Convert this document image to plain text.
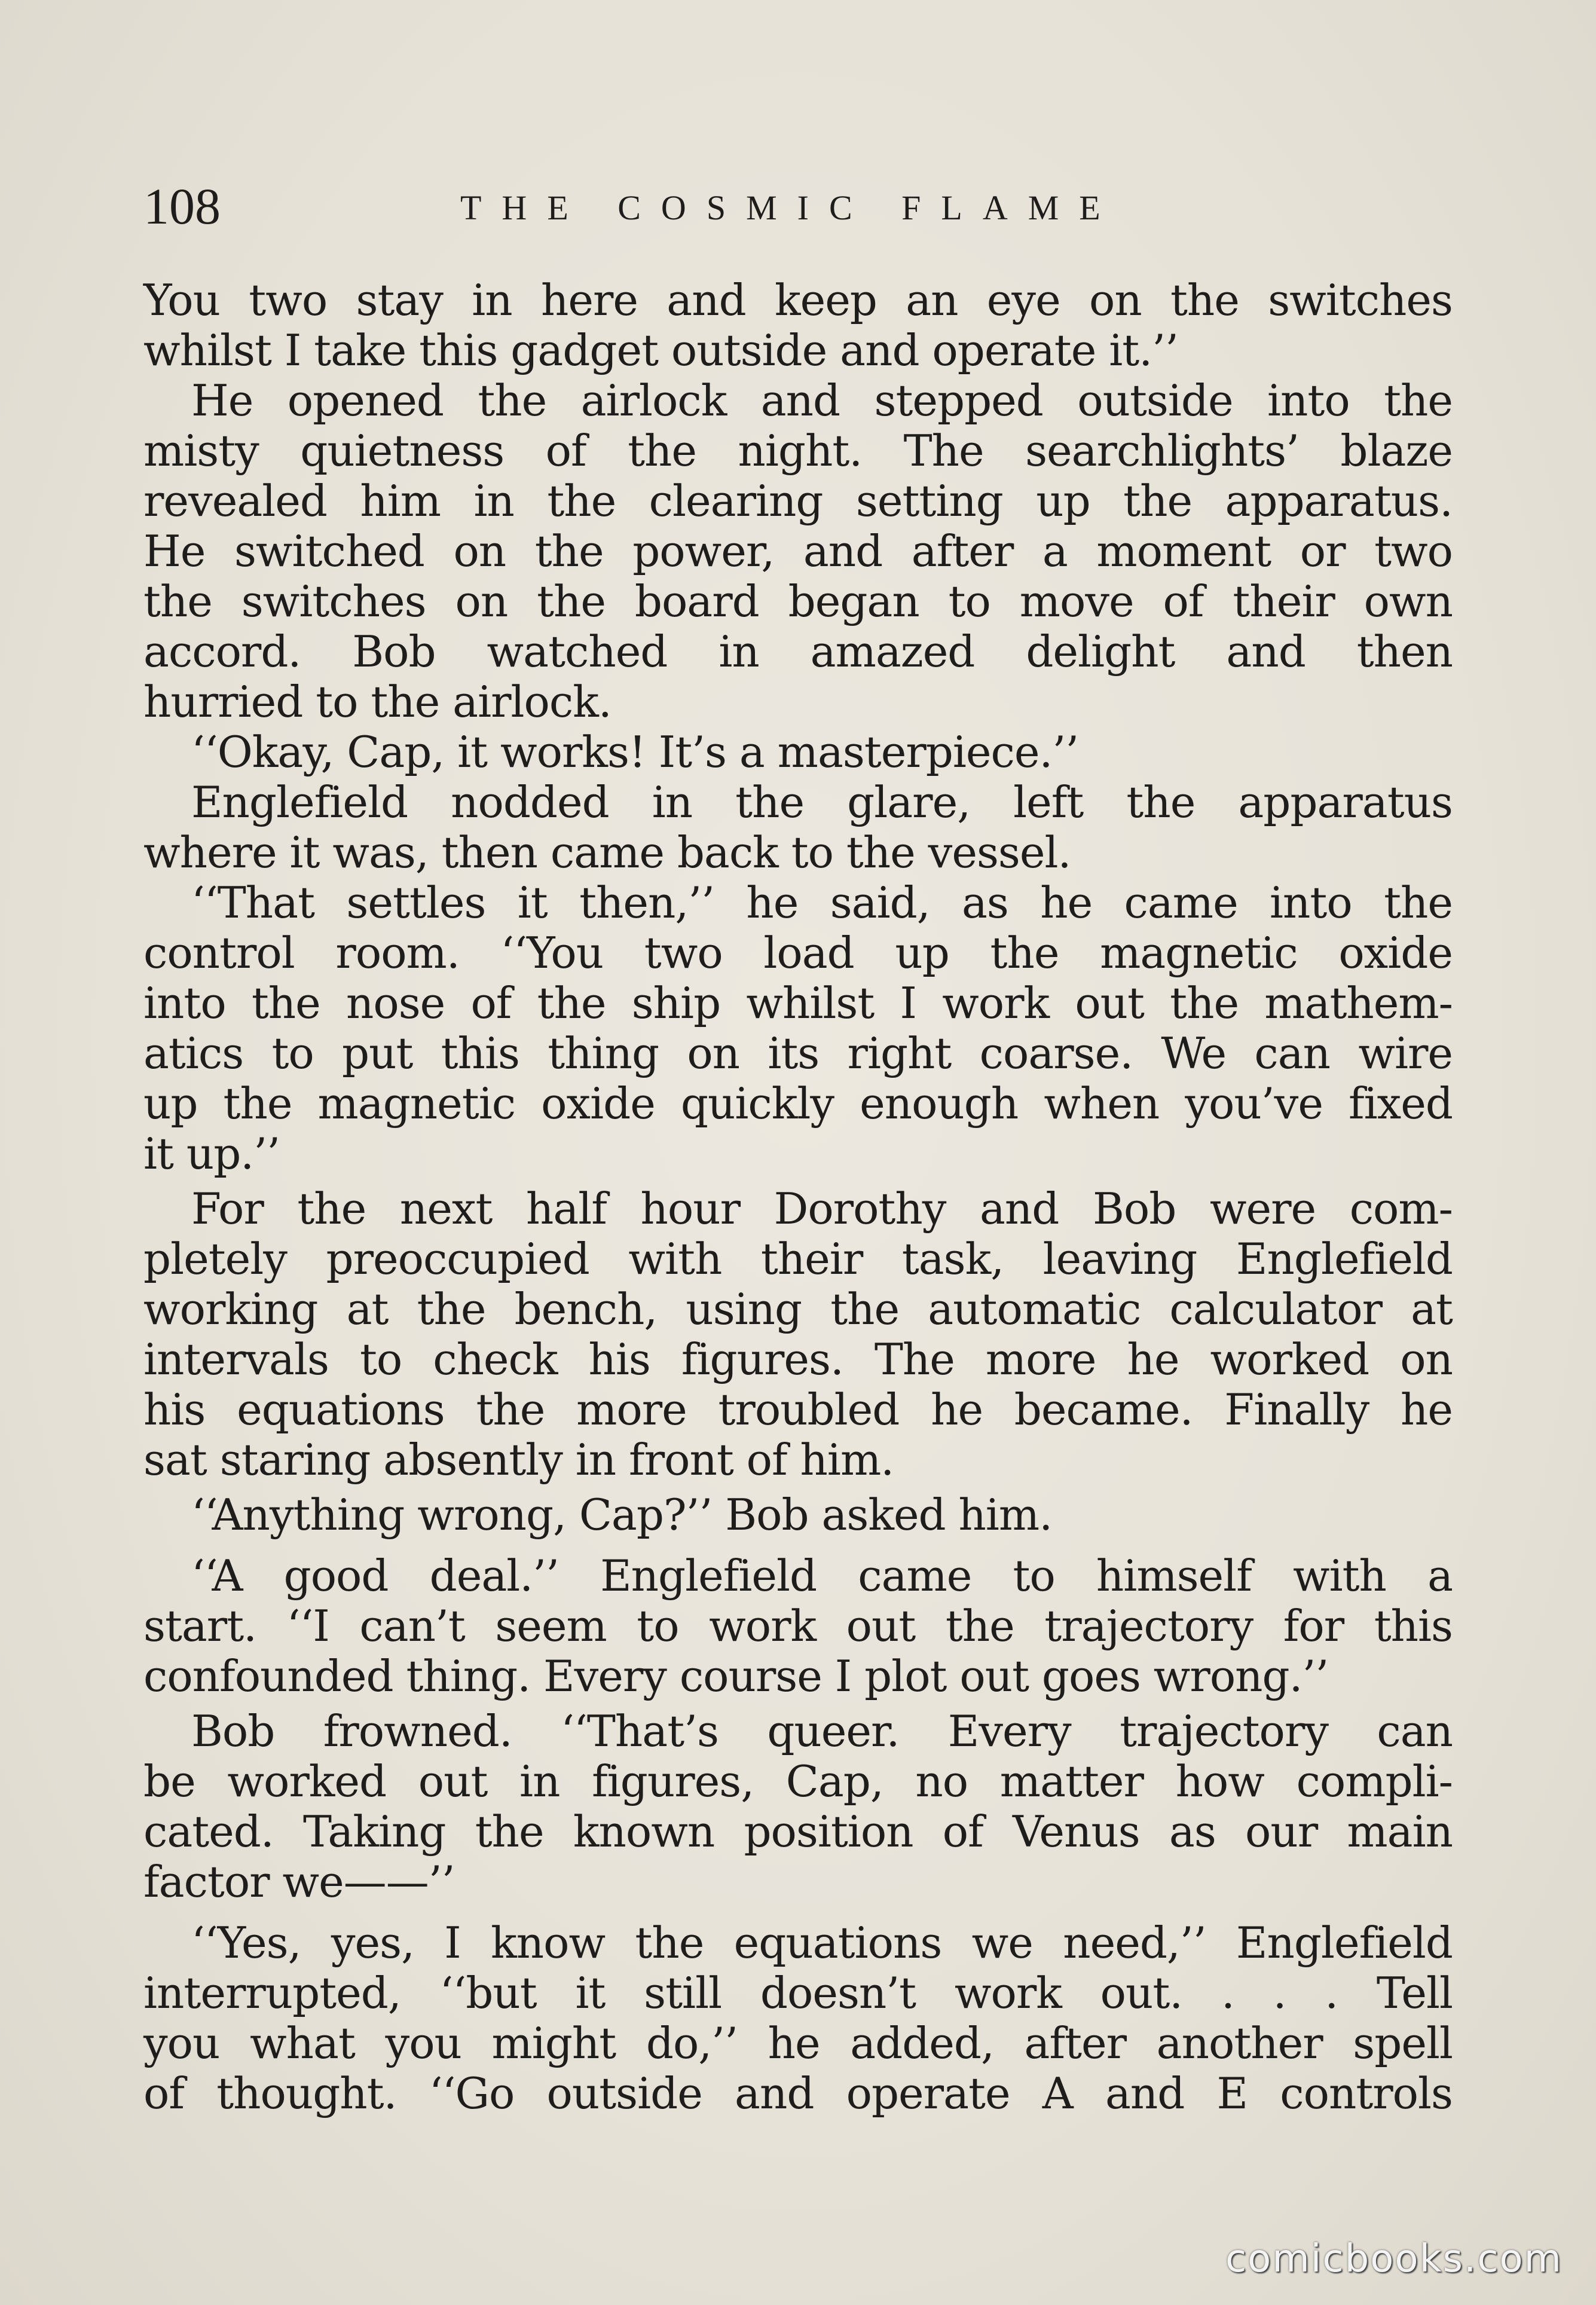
108	THE COSMIC FLAME
You two stay in here and keep an eye on the switches
whilst I take this gadget outside and operate it.’’
He opened the airlock and stepped outside into the
misty quietness of the night. The searchlights’ blaze
revealed him in the clearing setting up the apparatus.
He switched on the power, and after a moment or two
the switches on the board began to move of their own
accord. Bob watched in amazed delight and then
hurried to the airlock.
‘‘Okay, Cap, it works! It’s a masterpiece.’’
Englefield nodded in the glare, left the apparatus
where it was, then came back to the vessel.
‘‘That settles it then,’’ he said, as he came into the
control room. ‘‘You two load up the magnetic oxide
into the nose of the ship whilst I work out the mathem-
atics to put this thing on its right coarse. We can wire
up the magnetic oxide quickly enough when you’ve fixed
it up.’’
For the next half hour Dorothy and Bob were com-
pletely preoccupied with their task, leaving Englefield
working at the bench, using the automatic calculator at
intervals to check his figures. The more he worked on
his equations the more troubled he became. Finally he
sat staring absently in front of him.
‘‘Anything wrong, Cap?’’ Bob asked him.
‘‘A good deal.’’ Englefield came to himself with a
start. ‘‘I can’t seem to work out the trajectory for this
confounded thing. Every course I plot out goes wrong.’’
Bob frowned. ‘‘That’s queer. Every trajectory can
be worked out in figures, Cap, no matter how compli-
cated. Taking the known position of Venus as our main
factor we——’’
‘‘Yes, yes, I know the equations we need,’’ Englefield
interrupted, ‘‘but it still doesn’t work out. . . . Tell
you what you might do,’’ he added, after another spell
of thought. ‘‘Go outside and operate A and E controls
comicbooks.com
